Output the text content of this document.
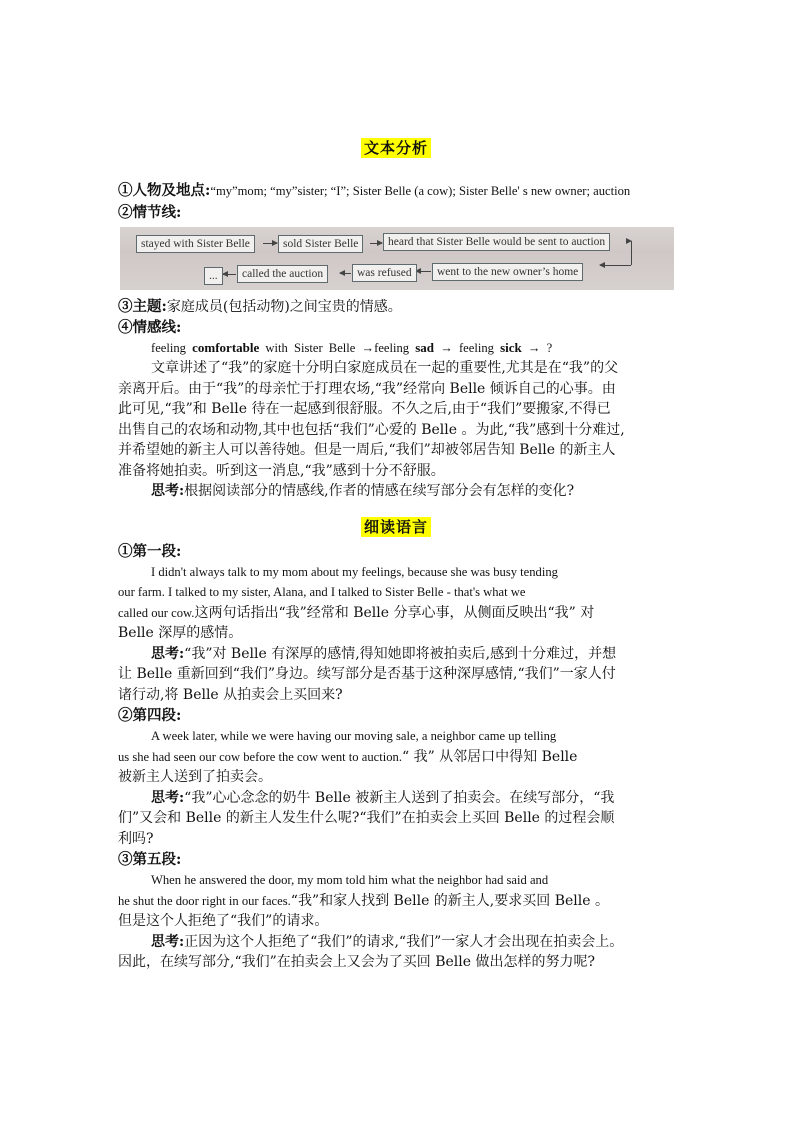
文本分析
①人物及地点:“my”mom; “my”sister; “I”; Sister Belle (a cow); Sister Belle' s new owner; auction
②情节线:
stayed with Sister Belle	sold Sister Belle	heard that Sister Belle would be sent to auction
went to the new owner’s home
was refused
called the auction
...
③主题:家庭成员(包括动物)之间宝贵的情感。
④情感线:
feeling comfortable with Sister Belle →feeling sad → feeling sick → ?
文章讲述了“我”的家庭十分明白家庭成员在一起的重要性,尤其是在“我”的父
亲离开后。由于“我”的母亲忙于打理农场,“我”经常向 Belle 倾诉自己的心事。由
此可见,“我”和 Belle 待在一起感到很舒服。不久之后,由于“我们”要搬家,不得已
出售自己的农场和动物,其中也包括“我们”心爱的 Belle 。为此,“我”感到十分难过,
并希望她的新主人可以善待她。但是一周后,“我们”却被邻居告知 Belle 的新主人
准备将她拍卖。听到这一消息,“我”感到十分不舒服。
思考:根据阅读部分的情感线,作者的情感在续写部分会有怎样的变化?
细读语言
①第一段:
I didn't always talk to my mom about my feelings, because she was busy tending
our farm. I talked to my sister, Alana, and I talked to Sister Belle - that's what we
called our cow.这两句话指出“我”经常和 Belle 分享心事，从侧面反映出“我” 对
Belle 深厚的感情。
思考:“我”对 Belle 有深厚的感情,得知她即将被拍卖后,感到十分难过，并想
让 Belle 重新回到“我们”身边。续写部分是否基于这种深厚感情,“我们”一家人付
诸行动,将 Belle 从拍卖会上买回来?
②第四段:
A week later, while we were having our moving sale, a neighbor came up telling
us she had seen our cow before the cow went to auction.“ 我” 从邻居口中得知 Belle
被新主人送到了拍卖会。
思考:“我”心心念念的奶牛 Belle 被新主人送到了拍卖会。在续写部分，“我
们”又会和 Belle 的新主人发生什么呢?“我们”在拍卖会上买回 Belle 的过程会顺
利吗?
③第五段:
When he answered the door, my mom told him what the neighbor had said and
he shut the door right in our faces.“我”和家人找到 Belle 的新主人,要求买回 Belle 。
但是这个人拒绝了“我们”的请求。
思考:正因为这个人拒绝了“我们”的请求,“我们”一家人才会出现在拍卖会上。
因此，在续写部分,“我们”在拍卖会上又会为了买回 Belle 做出怎样的努力呢?
